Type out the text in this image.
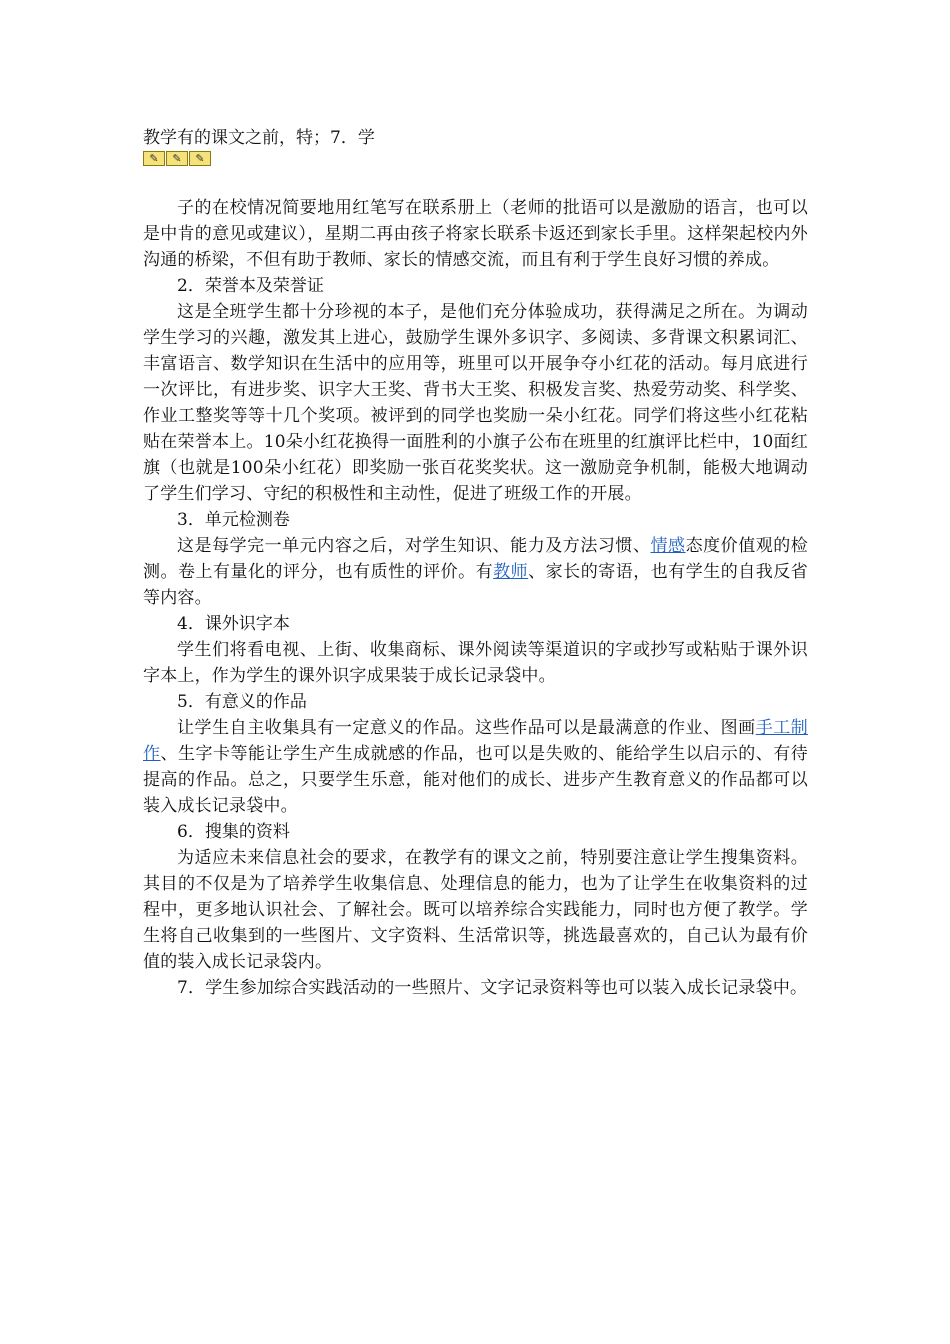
教学有的课文之前，特；7．学

✎	✎	✎

子的在校情况简要地用红笔写在联系册上（老师的批语可以是激励的语言，也可以是中肯的意见或建议），星期二再由孩子将家长联系卡返还到家长手里。这样架起校内外沟通的桥梁，不但有助于教师、家长的情感交流，而且有利于学生良好习惯的养成。

2．荣誉本及荣誉证

这是全班学生都十分珍视的本子，是他们充分体验成功，获得满足之所在。为调动学生学习的兴趣，激发其上进心，鼓励学生课外多识字、多阅读、多背课文积累词汇、丰富语言、数学知识在生活中的应用等，班里可以开展争夺小红花的活动。每月底进行一次评比，有进步奖、识字大王奖、背书大王奖、积极发言奖、热爱劳动奖、科学奖、作业工整奖等等十几个奖项。被评到的同学也奖励一朵小红花。同学们将这些小红花粘贴在荣誉本上。10朵小红花换得一面胜利的小旗子公布在班里的红旗评比栏中，10面红旗（也就是100朵小红花）即奖励一张百花奖奖状。这一激励竞争机制，能极大地调动了学生们学习、守纪的积极性和主动性，促进了班级工作的开展。

3．单元检测卷

这是每学完一单元内容之后，对学生知识、能力及方法习惯、情感态度价值观的检测。卷上有量化的评分，也有质性的评价。有教师、家长的寄语，也有学生的自我反省等内容。

4．课外识字本

学生们将看电视、上街、收集商标、课外阅读等渠道识的字或抄写或粘贴于课外识字本上，作为学生的课外识字成果装于成长记录袋中。

5．有意义的作品

让学生自主收集具有一定意义的作品。这些作品可以是最满意的作业、图画手工制作、生字卡等能让学生产生成就感的作品，也可以是失败的、能给学生以启示的、有待提高的作品。总之，只要学生乐意，能对他们的成长、进步产生教育意义的作品都可以装入成长记录袋中。

6．搜集的资料

为适应未来信息社会的要求，在教学有的课文之前，特别要注意让学生搜集资料。其目的不仅是为了培养学生收集信息、处理信息的能力，也为了让学生在收集资料的过程中，更多地认识社会、了解社会。既可以培养综合实践能力，同时也方便了教学。学生将自己收集到的一些图片、文字资料、生活常识等，挑选最喜欢的，自己认为最有价值的装入成长记录袋内。

7．学生参加综合实践活动的一些照片、文字记录资料等也可以装入成长记录袋中。
